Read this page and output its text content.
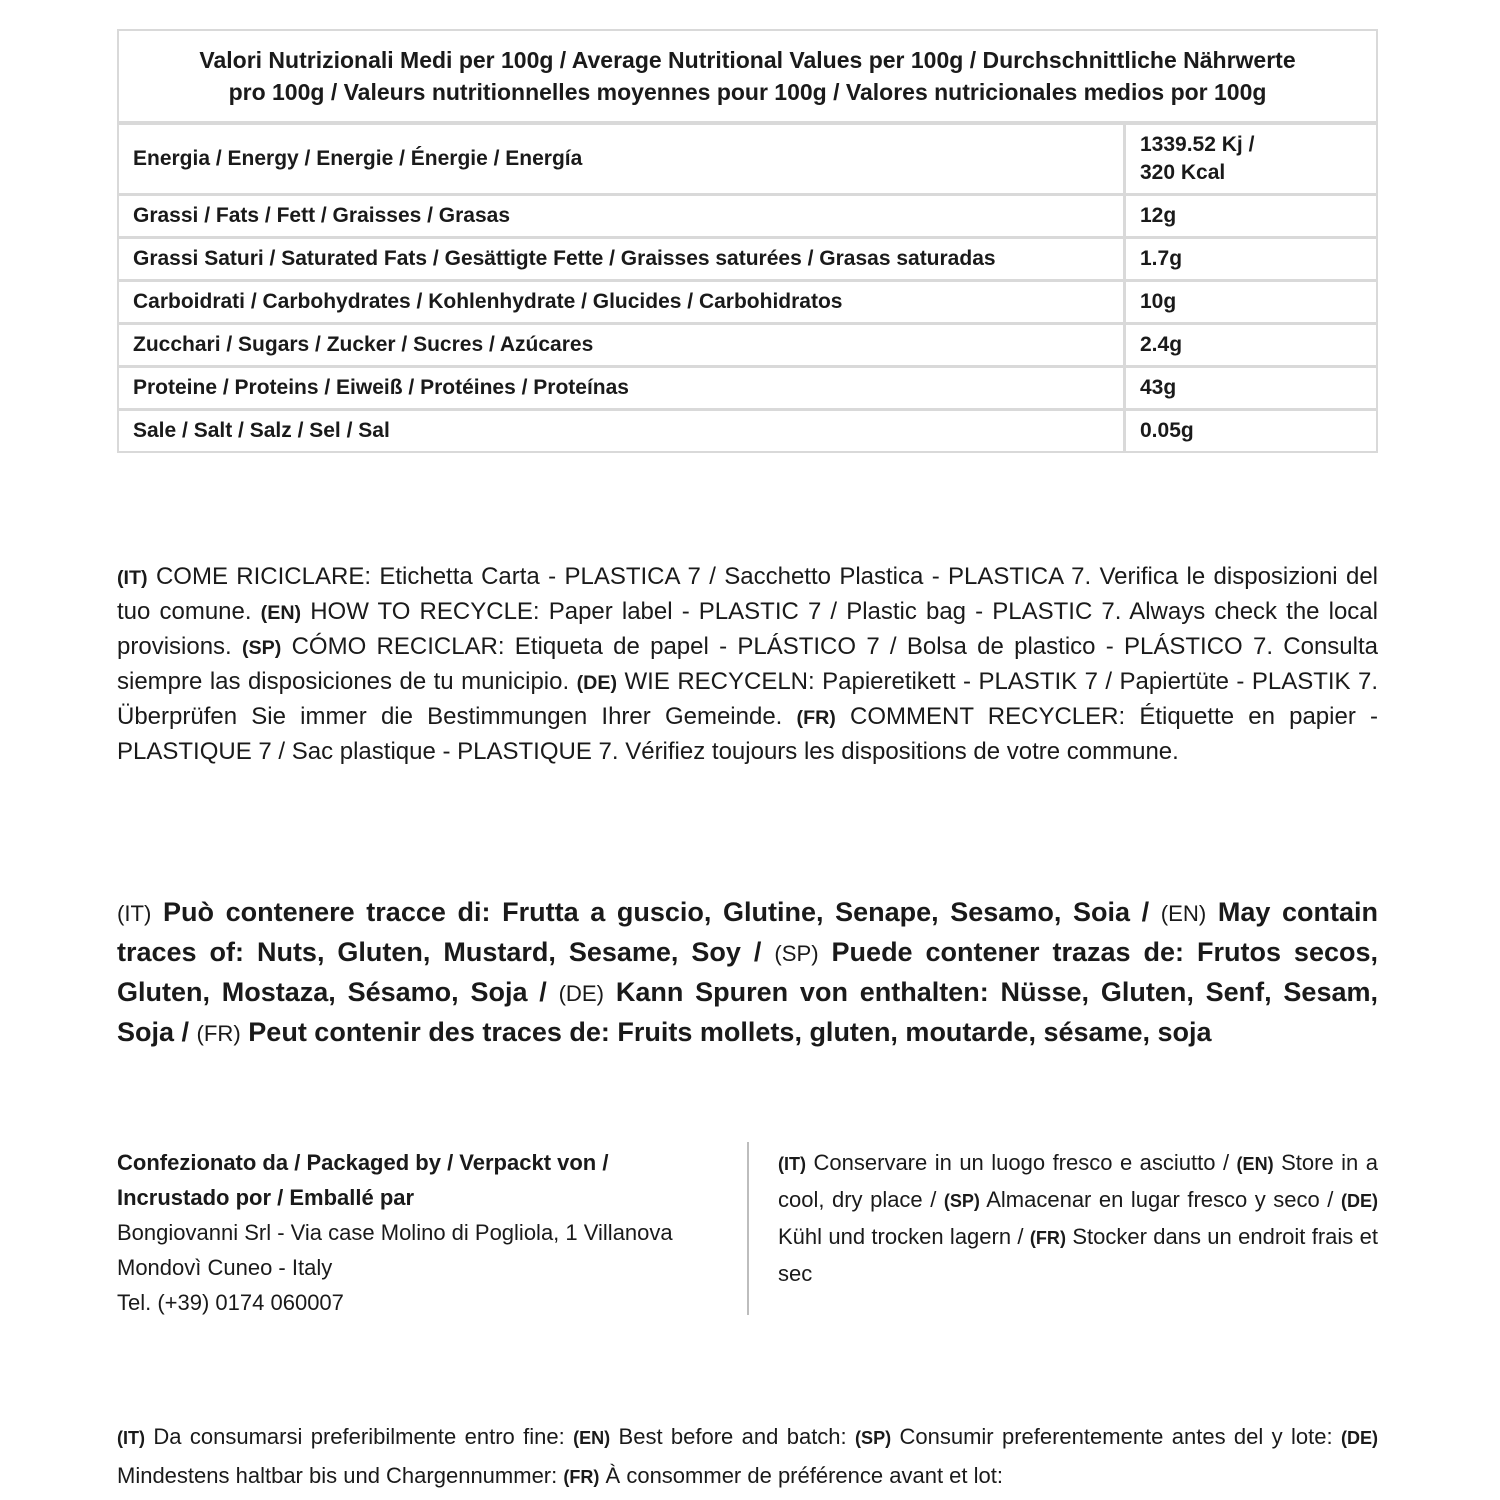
Valori Nutrizionali Medi per 100g / Average Nutritional Values per 100g / Durchschnittliche Nährwerte
pro 100g / Valeurs nutritionnelles moyennes pour 100g / Valores nutricionales medios por 100g	
Energia / Energy / Energie / Énergie / Energía	1339.52 Kj /
320 Kcal
Grassi / Fats / Fett / Graisses / Grasas	12g
Grassi Saturi / Saturated Fats / Gesättigte Fette / Graisses saturées / Grasas saturadas	1.7g
Carboidrati / Carbohydrates / Kohlenhydrate / Glucides / Carbohidratos	10g
Zucchari / Sugars / Zucker / Sucres / Azúcares	2.4g
Proteine / Proteins / Eiweiß / Protéines / Proteínas	43g
Sale / Salt / Salz / Sel / Sal	0.05g

(IT) COME RICICLARE: Etichetta Carta - PLASTICA 7 / Sacchetto Plastica - PLASTICA 7. Verifica le disposizioni del tuo comune. (EN) HOW TO RECYCLE: Paper label - PLASTIC 7 / Plastic bag - PLASTIC 7. Always check the local provisions. (SP) CÓMO RECICLAR: Etiqueta de papel - PLÁSTICO 7 / Bolsa de plastico - PLÁSTICO 7. Consulta siempre las disposiciones de tu municipio. (DE) WIE RECYCELN: Papieretikett - PLASTIK 7 / Papiertüte - PLASTIK 7. Überprüfen Sie immer die Bestimmungen Ihrer Gemeinde. (FR) COMMENT RECYCLER: Étiquette en papier - PLASTIQUE 7 / Sac plastique - PLASTIQUE 7. Vérifiez toujours les dispositions de votre commune.

(IT) Può contenere tracce di: Frutta a guscio, Glutine, Senape, Sesamo, Soia / (EN) May contain traces of: Nuts, Gluten, Mustard, Sesame, Soy / (SP) Puede contener trazas de: Frutos secos, Gluten, Mostaza, Sésamo, Soja / (DE) Kann Spuren von enthalten: Nüsse, Gluten, Senf, Sesam, Soja / (FR) Peut contenir des traces de: Fruits mollets, gluten, moutarde, sésame, soja

Confezionato da / Packaged by / Verpackt von /
Incrustado por / Emballé par
Bongiovanni Srl - Via case Molino di Pogliola, 1 Villanova
Mondovì Cuneo - Italy
Tel. (+39) 0174 060007

(IT) Conservare in un luogo fresco e asciutto / (EN) Store in a cool, dry place / (SP) Almacenar en lugar fresco y seco / (DE) Kühl und trocken lagern / (FR) Stocker dans un endroit frais et sec

(IT) Da consumarsi preferibilmente entro fine: (EN) Best before and batch: (SP) Consumir preferentemente antes del y lote: (DE) Mindestens haltbar bis und Chargennummer: (FR) À consommer de préférence avant et lot:
